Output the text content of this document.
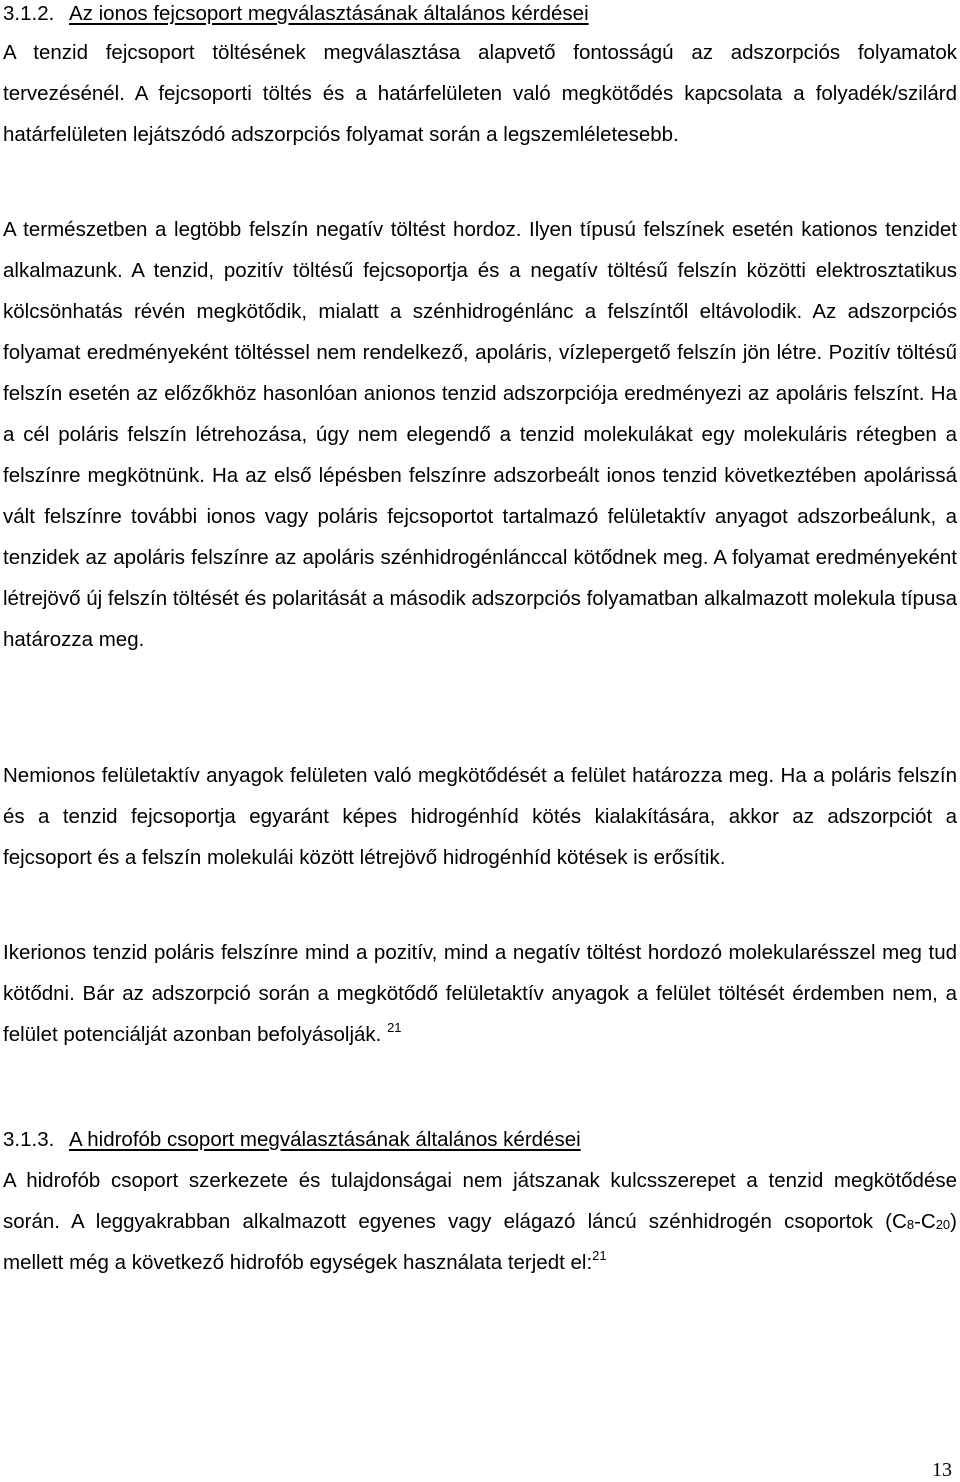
3.1.2. Az ionos fejcsoport megválasztásának általános kérdései

A tenzid fejcsoport töltésének megválasztása alapvető fontosságú az adszorpciós folyamatok tervezésénél. A fejcsoporti töltés és a határfelületen való megkötődés kapcsolata a folyadék/szilárd határfelületen lejátszódó adszorpciós folyamat során a legszemléletesebb.

A természetben a legtöbb felszín negatív töltést hordoz. Ilyen típusú felszínek esetén kationos tenzidet alkalmazunk. A tenzid, pozitív töltésű fejcsoportja és a negatív töltésű felszín közötti elektrosztatikus kölcsönhatás révén megkötődik, mialatt a szénhidrogénlánc a felszíntől eltávolodik. Az adszorpciós folyamat eredményeként töltéssel nem rendelkező, apoláris, vízlepergető felszín jön létre. Pozitív töltésű felszín esetén az előzőkhöz hasonlóan anionos tenzid adszorpciója eredményezi az apoláris felszínt. Ha a cél poláris felszín létrehozása, úgy nem elegendő a tenzid molekulákat egy molekuláris rétegben a felszínre megkötnünk. Ha az első lépésben felszínre adszorbeált ionos tenzid következtében apolárissá vált felszínre további ionos vagy poláris fejcsoportot tartalmazó felületaktív anyagot adszorbeálunk, a tenzidek az apoláris felszínre az apoláris szénhidrogénlánccal kötődnek meg. A folyamat eredményeként létrejövő új felszín töltését és polaritását a második adszorpciós folyamatban alkalmazott molekula típusa határozza meg.

Nemionos felületaktív anyagok felületen való megkötődését a felület határozza meg. Ha a poláris felszín és a tenzid fejcsoportja egyaránt képes hidrogénhíd kötés kialakítására, akkor az adszorpciót a fejcsoport és a felszín molekulái között létrejövő hidrogénhíd kötések is erősítik.

Ikerionos tenzid poláris felszínre mind a pozitív, mind a negatív töltést hordozó molekularésszel meg tud kötődni. Bár az adszorpció során a megkötődő felületaktív anyagok a felület töltését érdemben nem, a felület potenciálját azonban befolyásolják. $^{21}$

3.1.3. A hidrofób csoport megválasztásának általános kérdései

A hidrofób csoport szerkezete és tulajdonságai nem játszanak kulcsszerepet a tenzid megkötődése során. A leggyakrabban alkalmazott egyenes vagy elágazó láncú szénhidrogén csoportok $(C_8-C_{20})$ mellett még a következő hidrofób egységek használata terjedt el:$^{21}$

13
